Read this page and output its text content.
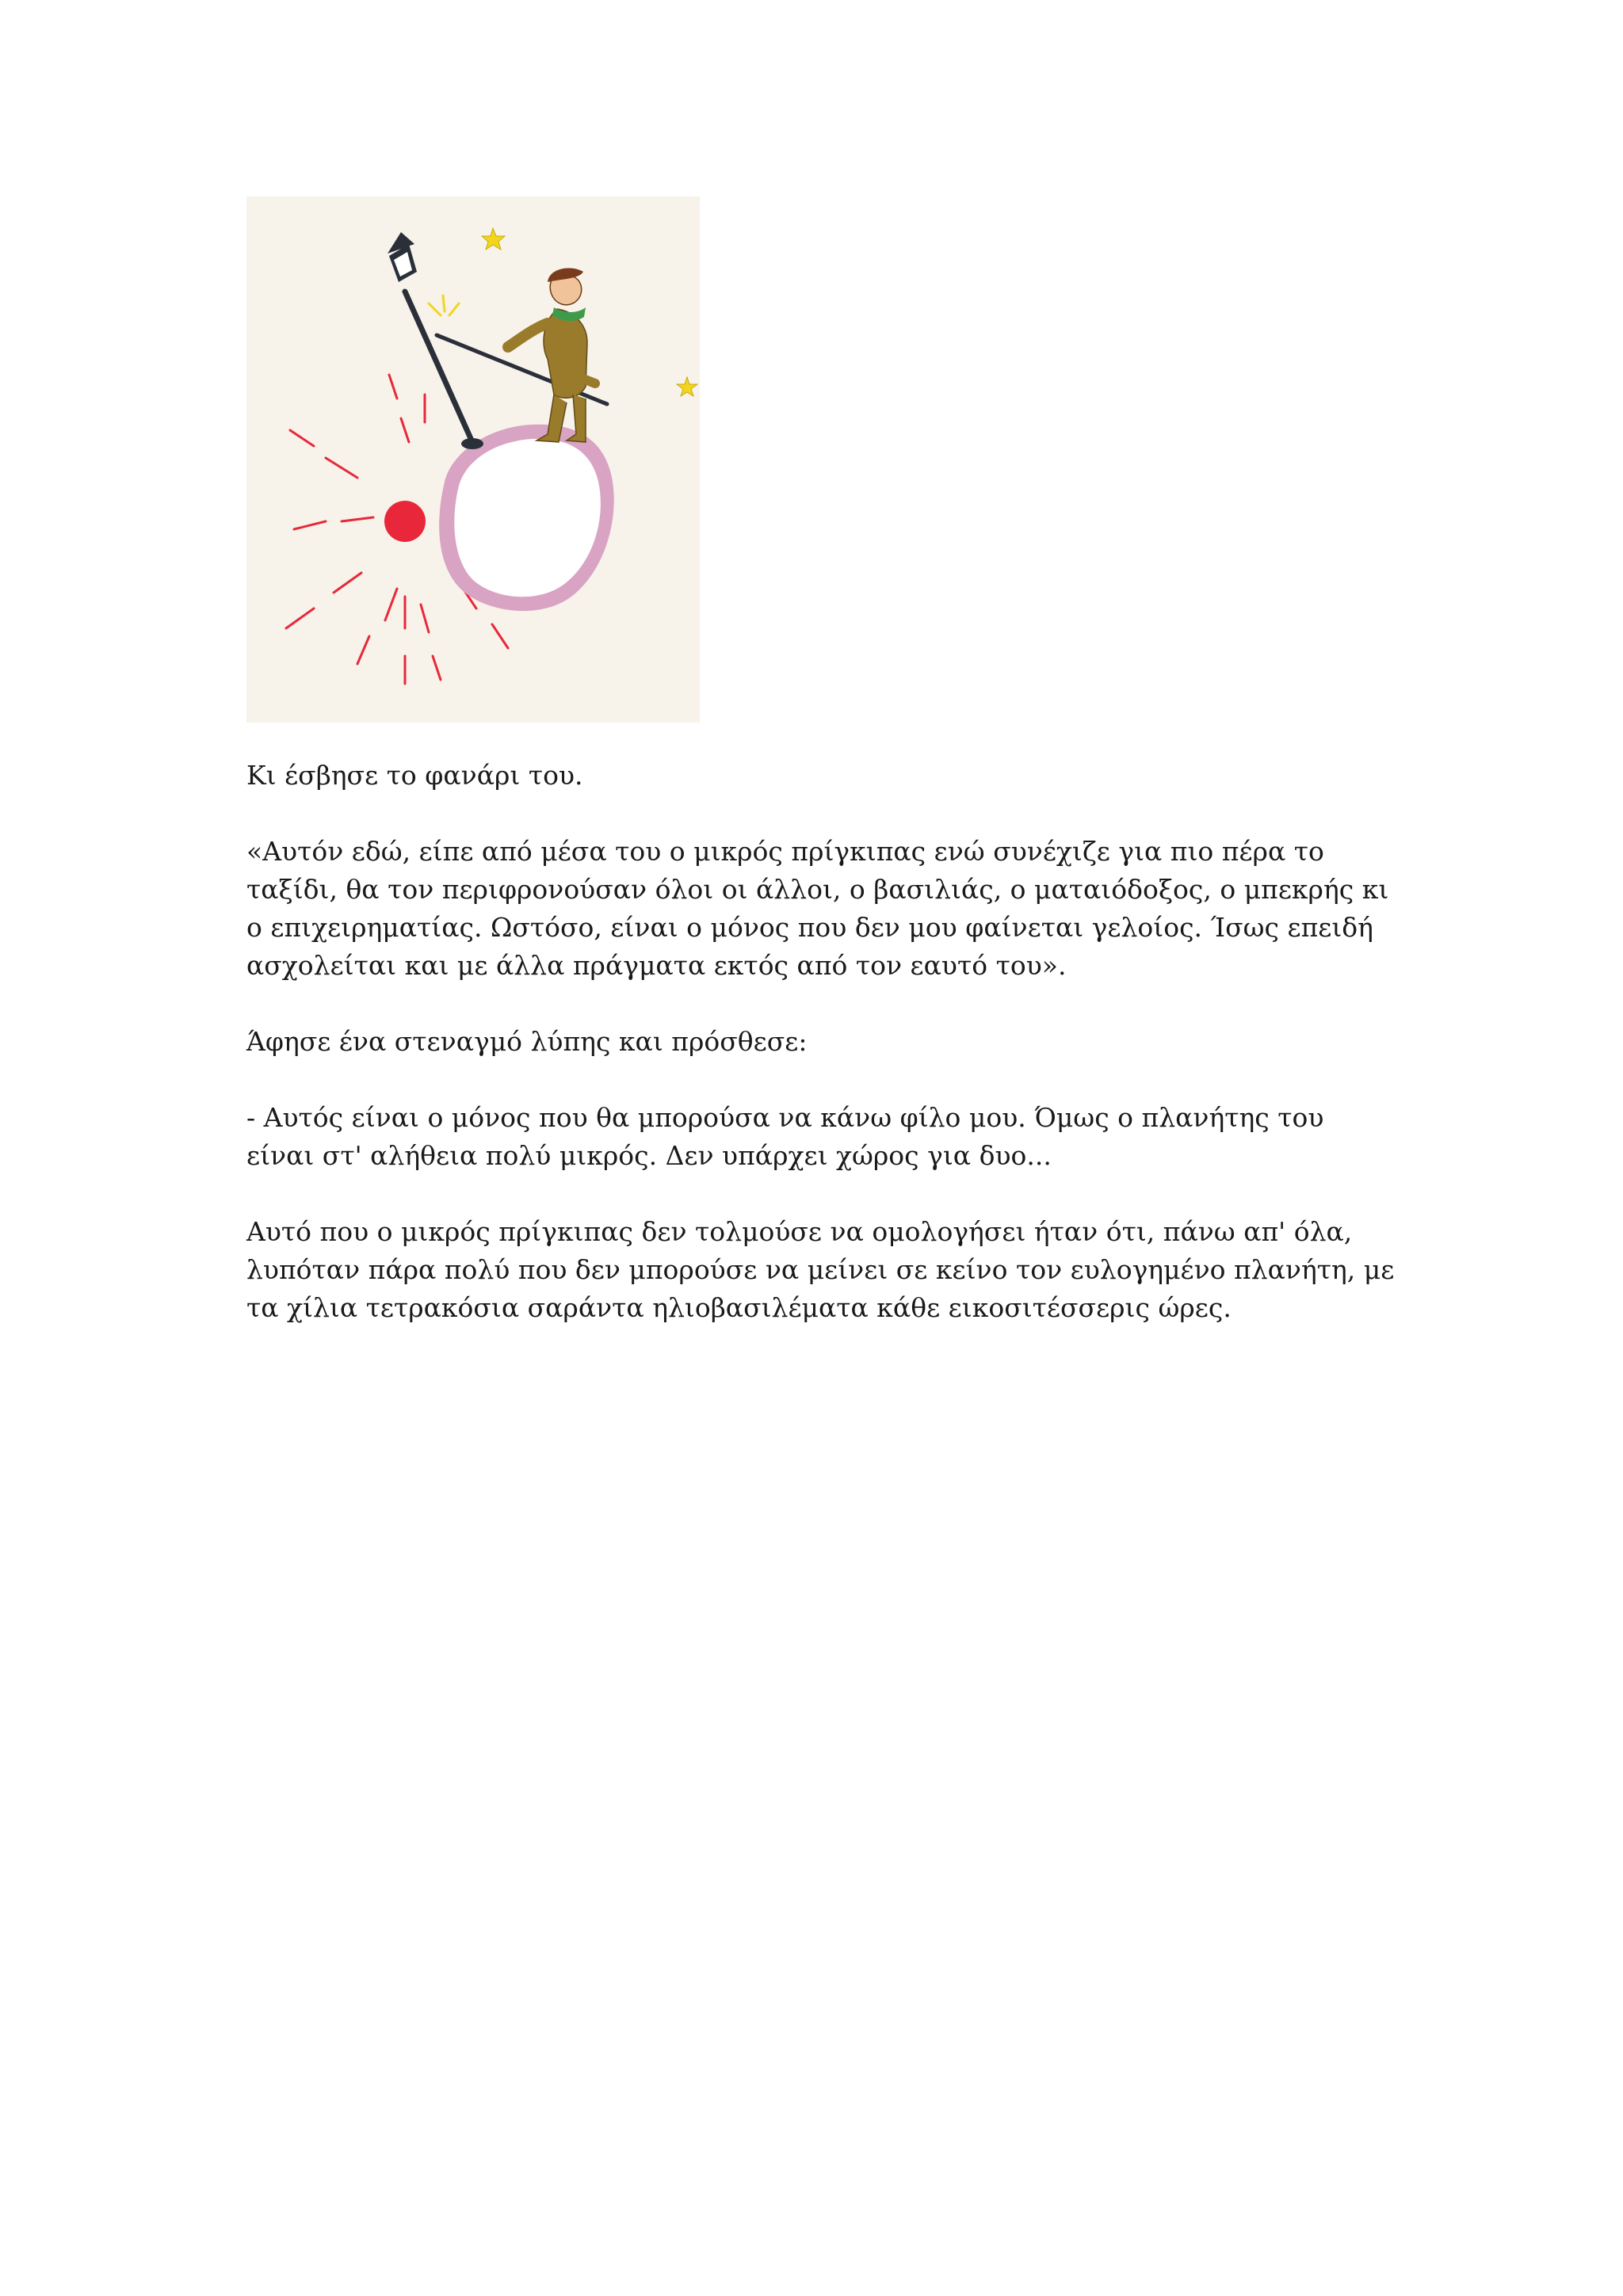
Κι έσβησε το φανάρι του.

«Αυτόν εδώ, είπε από μέσα του ο μικρός πρίγκιπας ενώ συνέχιζε για πιο πέρα το ταξίδι, θα τον περιφρονούσαν όλοι οι άλλοι, ο βασιλιάς, ο ματαιόδοξος, ο μπεκρής κι ο επιχειρηματίας. Ωστόσο, είναι ο μόνος που δεν μου φαίνεται γελοίος. Ίσως επειδή ασχολείται και με άλλα πράγματα εκτός από τον εαυτό του».

Άφησε ένα στεναγμό λύπης και πρόσθεσε:

- Αυτός είναι ο μόνος που θα μπορούσα να κάνω φίλο μου. Όμως ο πλανήτης του είναι στ' αλήθεια πολύ μικρός. Δεν υπάρχει χώρος για δυο...

Αυτό που ο μικρός πρίγκιπας δεν τολμούσε να ομολογήσει ήταν ότι, πάνω απ' όλα, λυπόταν πάρα πολύ που δεν μπορούσε να μείνει σε κείνο τον ευλογημένο πλανήτη, με τα χίλια τετρακόσια σαράντα ηλιοβασιλέματα κάθε εικοσιτέσσερις ώρες.
